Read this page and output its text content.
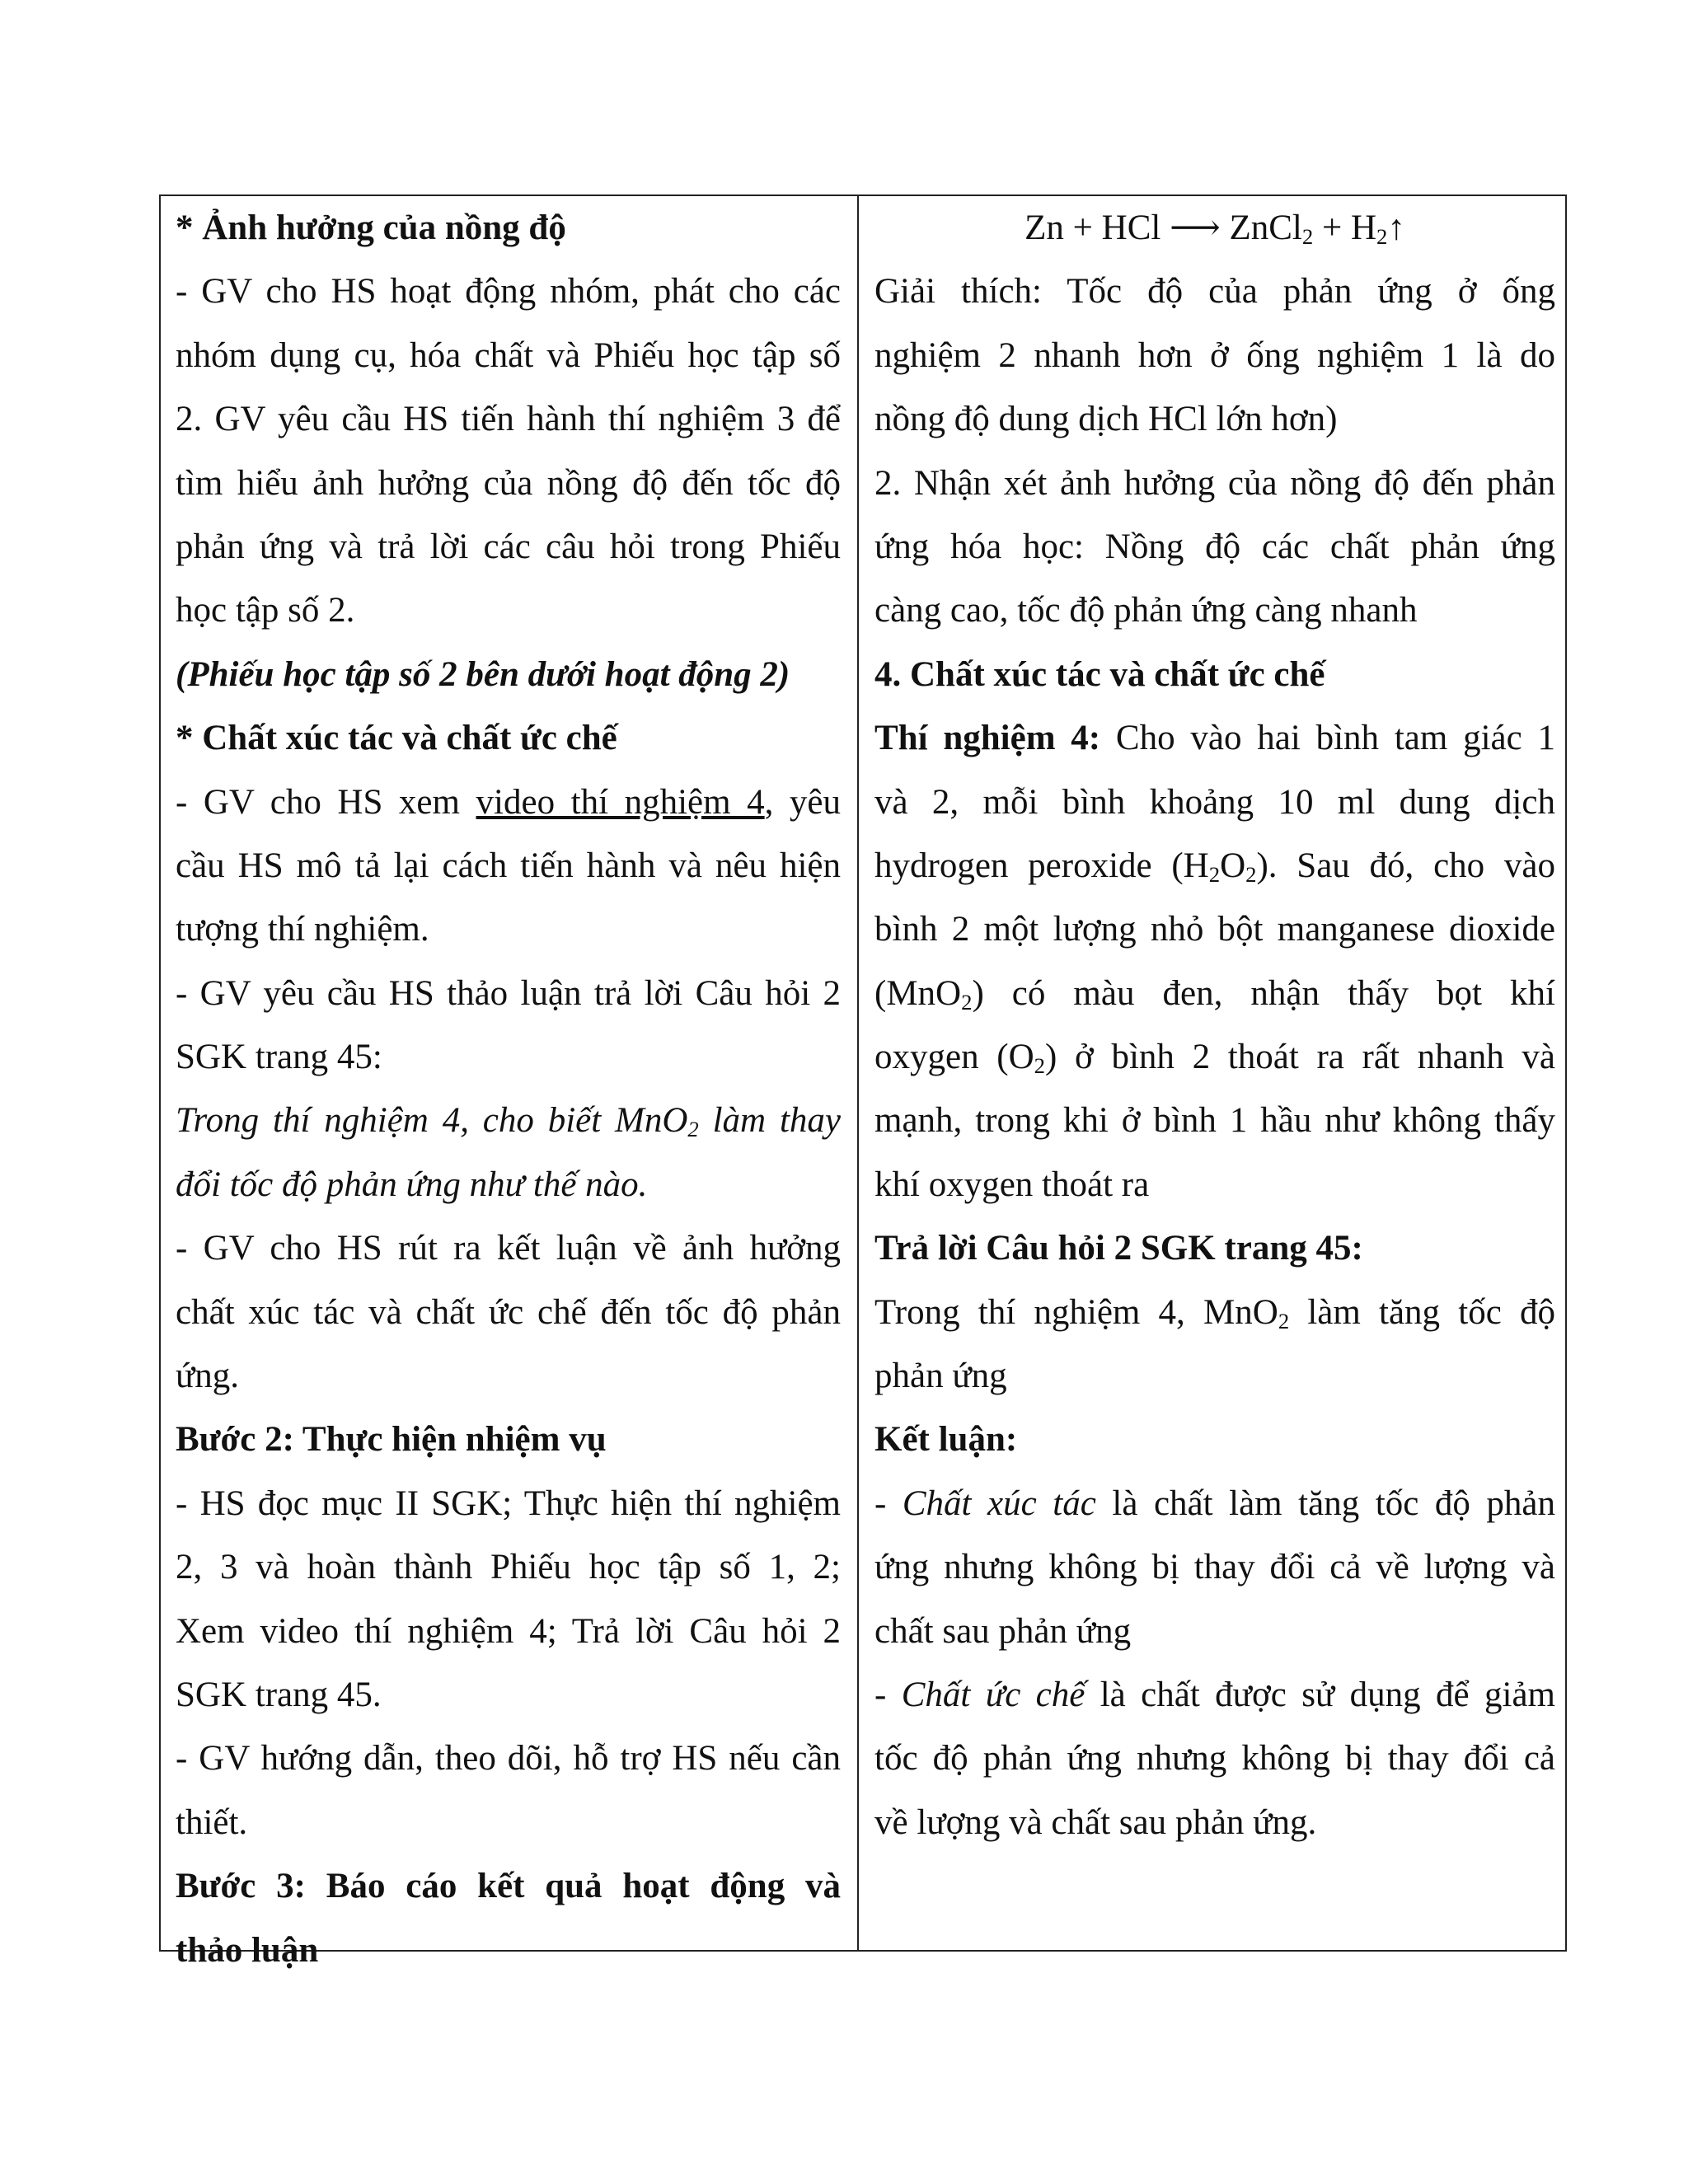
* Ảnh hưởng của nồng độ
- GV cho HS hoạt động nhóm, phát cho các
nhóm dụng cụ, hóa chất và Phiếu học tập số
2. GV yêu cầu HS tiến hành thí nghiệm 3 để
tìm hiểu ảnh hưởng của nồng độ đến tốc độ
phản ứng và trả lời các câu hỏi trong Phiếu
học tập số 2.
(Phiếu học tập số 2 bên dưới hoạt động 2)
* Chất xúc tác và chất ức chế
- GV cho HS xem video thí nghiệm 4, yêu
cầu HS mô tả lại cách tiến hành và nêu hiện
tượng thí nghiệm.
- GV yêu cầu HS thảo luận trả lời Câu hỏi 2
SGK trang 45:
Trong thí nghiệm 4, cho biết MnO$_2$ làm thay
đổi tốc độ phản ứng như thế nào.
- GV cho HS rút ra kết luận về ảnh hưởng
chất xúc tác và chất ức chế đến tốc độ phản
ứng.
Bước 2: Thực hiện nhiệm vụ
- HS đọc mục II SGK; Thực hiện thí nghiệm
2, 3 và hoàn thành Phiếu học tập số 1, 2;
Xem video thí nghiệm 4; Trả lời Câu hỏi 2
SGK trang 45.
- GV hướng dẫn, theo dõi, hỗ trợ HS nếu cần
thiết.
Bước 3: Báo cáo kết quả hoạt động và
thảo luận
Zn + HCl ⟶ ZnCl$_2$ + $H_2↑$
Giải thích: Tốc độ của phản ứng ở ống
nghiệm 2 nhanh hơn ở ống nghiệm 1 là do
nồng độ dung dịch HCl lớn hơn)
2. Nhận xét ảnh hưởng của nồng độ đến phản
ứng hóa học: Nồng độ các chất phản ứng
càng cao, tốc độ phản ứng càng nhanh
4. Chất xúc tác và chất ức chế
Thí nghiệm 4: Cho vào hai bình tam giác 1
và 2, mỗi bình khoảng 10 ml dung dịch
hydrogen peroxide $(H_2O_2)$. Sau đó, cho vào
bình 2 một lượng nhỏ bột manganese dioxide
(MnO$_2$) có màu đen, nhận thấy bọt khí
oxygen $(O_2)$ ở bình 2 thoát ra rất nhanh và
mạnh, trong khi ở bình 1 hầu như không thấy
khí oxygen thoát ra
Trả lời Câu hỏi 2 SGK trang 45:
Trong thí nghiệm 4, MnO$_2$ làm tăng tốc độ
phản ứng
Kết luận:
- Chất xúc tác là chất làm tăng tốc độ phản
ứng nhưng không bị thay đổi cả về lượng và
chất sau phản ứng
- Chất ức chế là chất được sử dụng để giảm
tốc độ phản ứng nhưng không bị thay đổi cả
về lượng và chất sau phản ứng.
